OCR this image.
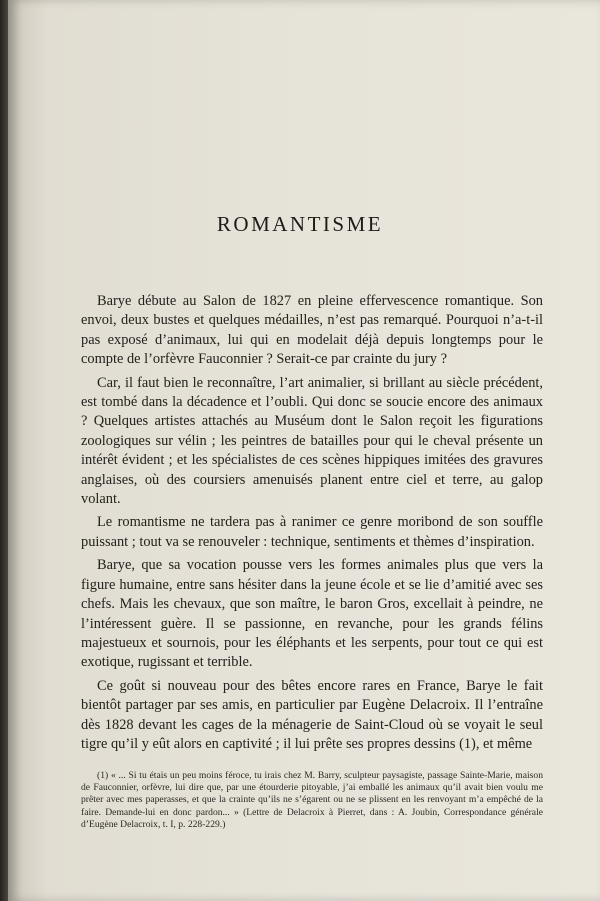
ROMANTISME

Barye débute au Salon de 1827 en pleine effervescence romantique. Son envoi, deux bustes et quelques médailles, n’est pas remarqué. Pourquoi n’a-t-il pas exposé d’animaux, lui qui en modelait déjà depuis longtemps pour le compte de l’orfèvre Fauconnier ? Serait-ce par crainte du jury ?

Car, il faut bien le reconnaître, l’art animalier, si brillant au siècle précédent, est tombé dans la décadence et l’oubli. Qui donc se soucie encore des animaux ? Quelques artistes attachés au Muséum dont le Salon reçoit les figurations zoologiques sur vélin ; les peintres de batailles pour qui le cheval présente un intérêt évident ; et les spécialistes de ces scènes hippiques imitées des gravures anglaises, où des coursiers amenuisés planent entre ciel et terre, au galop volant.

Le romantisme ne tardera pas à ranimer ce genre moribond de son souffle puissant ; tout va se renouveler : technique, sentiments et thèmes d’inspiration.

Barye, que sa vocation pousse vers les formes animales plus que vers la figure humaine, entre sans hésiter dans la jeune école et se lie d’amitié avec ses chefs. Mais les chevaux, que son maître, le baron Gros, excellait à peindre, ne l’intéressent guère. Il se passionne, en revanche, pour les grands félins majestueux et sournois, pour les éléphants et les serpents, pour tout ce qui est exotique, rugissant et terrible.

Ce goût si nouveau pour des bêtes encore rares en France, Barye le fait bientôt partager par ses amis, en particulier par Eugène Delacroix. Il l’entraîne dès 1828 devant les cages de la ménagerie de Saint-Cloud où se voyait le seul tigre qu’il y eût alors en captivité ; il lui prête ses propres dessins (1), et même

(1) « ... Si tu étais un peu moins féroce, tu irais chez M. Barry, sculpteur paysagiste, passage Sainte-Marie, maison de Fauconnier, orfèvre, lui dire que, par une étourderie pitoyable, j’ai emballé les animaux qu’il avait bien voulu me prêter avec mes paperasses, et que la crainte qu’ils ne s’égarent ou ne se plissent en les renvoyant m’a empêché de la faire. Demande-lui en donc pardon... » (Lettre de Delacroix à Pierret, dans : A. Joubin, Correspondance générale d’Eugène Delacroix, t. I, p. 228-229.)
